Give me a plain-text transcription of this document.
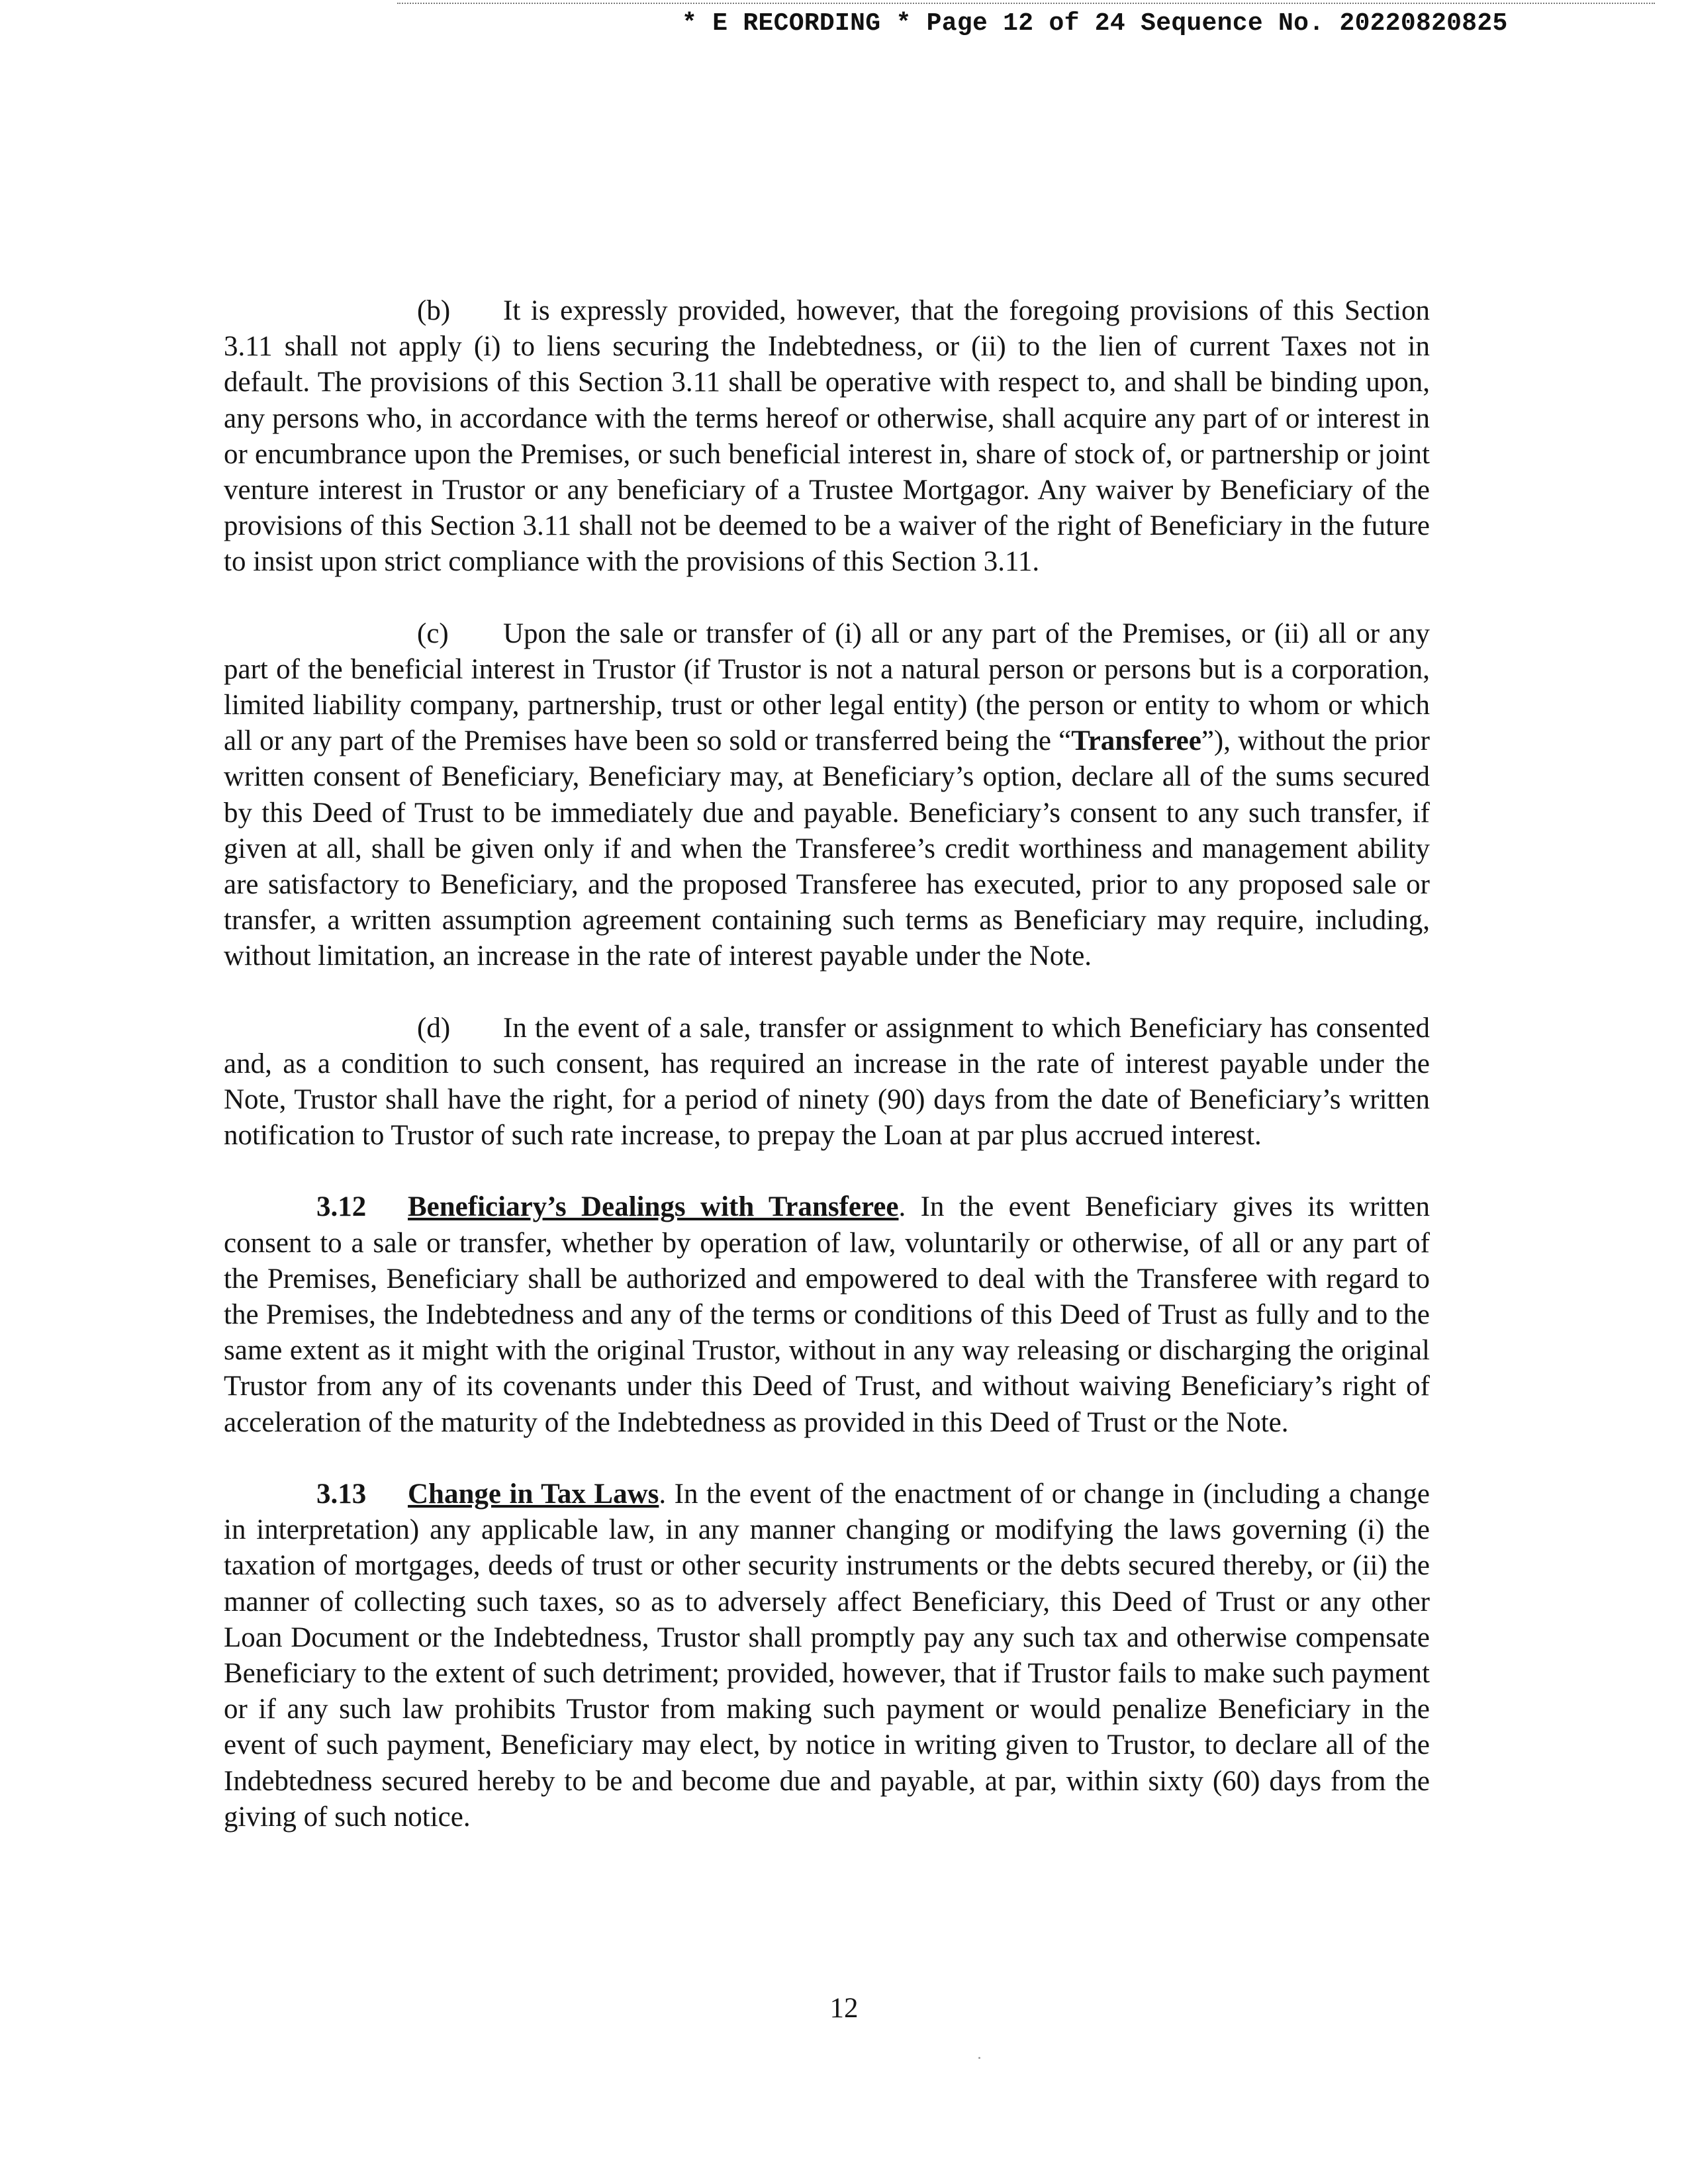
* E RECORDING * Page 12 of 24 Sequence No. 20220820825

(b) It is expressly provided, however, that the foregoing provisions of this Section 3.11 shall not apply (i) to liens securing the Indebtedness, or (ii) to the lien of current Taxes not in default. The provisions of this Section 3.11 shall be operative with respect to, and shall be binding upon, any persons who, in accordance with the terms hereof or otherwise, shall acquire any part of or interest in or encumbrance upon the Premises, or such beneficial interest in, share of stock of, or partnership or joint venture interest in Trustor or any beneficiary of a Trustee Mortgagor. Any waiver by Beneficiary of the provisions of this Section 3.11 shall not be deemed to be a waiver of the right of Beneficiary in the future to insist upon strict compliance with the provisions of this Section 3.11.

(c) Upon the sale or transfer of (i) all or any part of the Premises, or (ii) all or any part of the beneficial interest in Trustor (if Trustor is not a natural person or persons but is a corporation, limited liability company, partnership, trust or other legal entity) (the person or entity to whom or which all or any part of the Premises have been so sold or transferred being the “Transferee”), without the prior written consent of Beneficiary, Beneficiary may, at Beneficiary’s option, declare all of the sums secured by this Deed of Trust to be immediately due and payable. Beneficiary’s consent to any such transfer, if given at all, shall be given only if and when the Transferee’s credit worthiness and management ability are satisfactory to Beneficiary, and the proposed Transferee has executed, prior to any proposed sale or transfer, a written assumption agreement containing such terms as Beneficiary may require, including, without limitation, an increase in the rate of interest payable under the Note.

(d) In the event of a sale, transfer or assignment to which Beneficiary has consented and, as a condition to such consent, has required an increase in the rate of interest payable under the Note, Trustor shall have the right, for a period of ninety (90) days from the date of Beneficiary’s written notification to Trustor of such rate increase, to prepay the Loan at par plus accrued interest.

3.12 Beneficiary’s Dealings with Transferee. In the event Beneficiary gives its written consent to a sale or transfer, whether by operation of law, voluntarily or otherwise, of all or any part of the Premises, Beneficiary shall be authorized and empowered to deal with the Transferee with regard to the Premises, the Indebtedness and any of the terms or conditions of this Deed of Trust as fully and to the same extent as it might with the original Trustor, without in any way releasing or discharging the original Trustor from any of its covenants under this Deed of Trust, and without waiving Beneficiary’s right of acceleration of the maturity of the Indebtedness as provided in this Deed of Trust or the Note.

3.13 Change in Tax Laws. In the event of the enactment of or change in (including a change in interpretation) any applicable law, in any manner changing or modifying the laws governing (i) the taxation of mortgages, deeds of trust or other security instruments or the debts secured thereby, or (ii) the manner of collecting such taxes, so as to adversely affect Beneficiary, this Deed of Trust or any other Loan Document or the Indebtedness, Trustor shall promptly pay any such tax and otherwise compensate Beneficiary to the extent of such detriment; provided, however, that if Trustor fails to make such payment or if any such law prohibits Trustor from making such payment or would penalize Beneficiary in the event of such payment, Beneficiary may elect, by notice in writing given to Trustor, to declare all of the Indebtedness secured hereby to be and become due and payable, at par, within sixty (60) days from the giving of such notice.

12
